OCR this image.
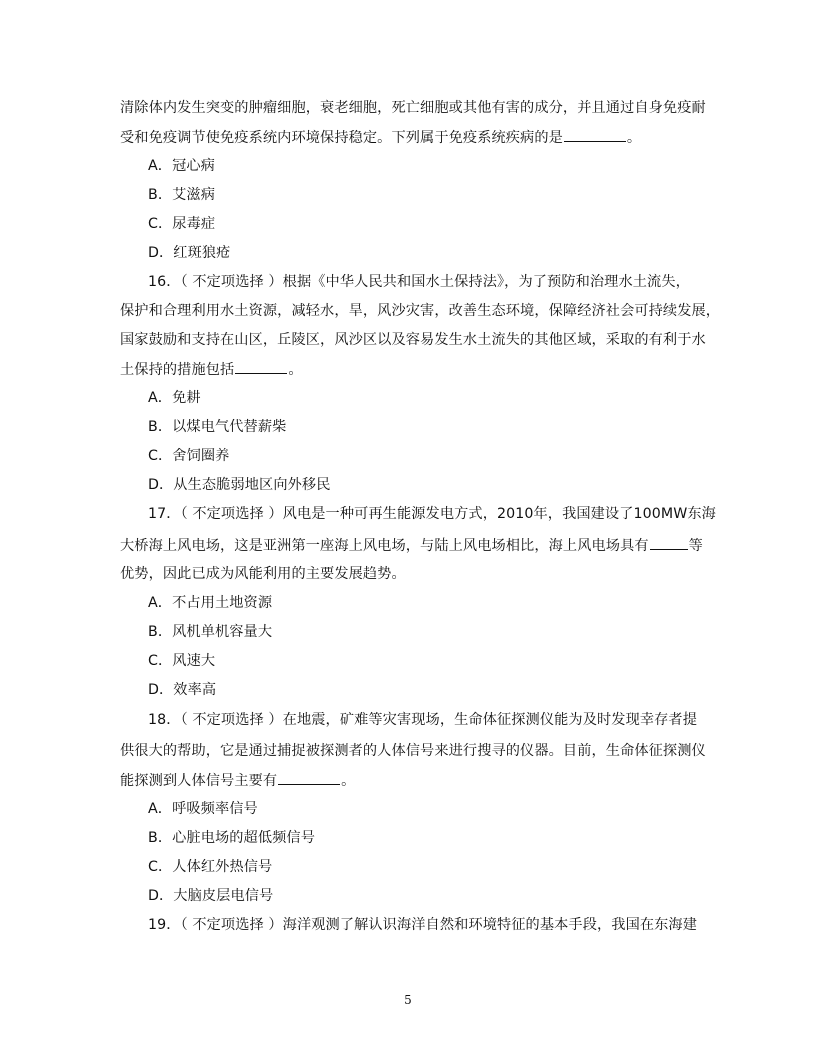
清除体内发生突变的肿瘤细胞，衰老细胞，死亡细胞或其他有害的成分，并且通过自身免疫耐
受和免疫调节使免疫系统内环境保持稳定。下列属于免疫系统疾病的是	。
A．冠心病
B．艾滋病
C．尿毒症
D．红斑狼疮
16．（ 不定项选择 ）根据《中华人民共和国水土保持法》，为了预防和治理水土流失，
保护和合理利用水土资源，减轻水，旱，风沙灾害，改善生态环境，保障经济社会可持续发展，
国家鼓励和支持在山区，丘陵区，风沙区以及容易发生水土流失的其他区域，采取的有利于水
土保持的措施包括	。
A．免耕
B．以煤电气代替薪柴
C．舍饲圈养
D．从生态脆弱地区向外移民
17．（ 不定项选择 ）风电是一种可再生能源发电方式，2010年，我国建设了100MW东海
大桥海上风电场，这是亚洲第一座海上风电场，与陆上风电场相比，海上风电场具有	等
优势，因此已成为风能利用的主要发展趋势。
A．不占用土地资源
B．风机单机容量大
C．风速大
D．效率高
18．（ 不定项选择 ）在地震，矿难等灾害现场，生命体征探测仪能为及时发现幸存者提
供很大的帮助，它是通过捕捉被探测者的人体信号来进行搜寻的仪器。目前，生命体征探测仪
能探测到人体信号主要有	。
A．呼吸频率信号
B．心脏电场的超低频信号
C．人体红外热信号
D．大脑皮层电信号
19．（ 不定项选择 ）海洋观测了解认识海洋自然和环境特征的基本手段，我国在东海建
5
